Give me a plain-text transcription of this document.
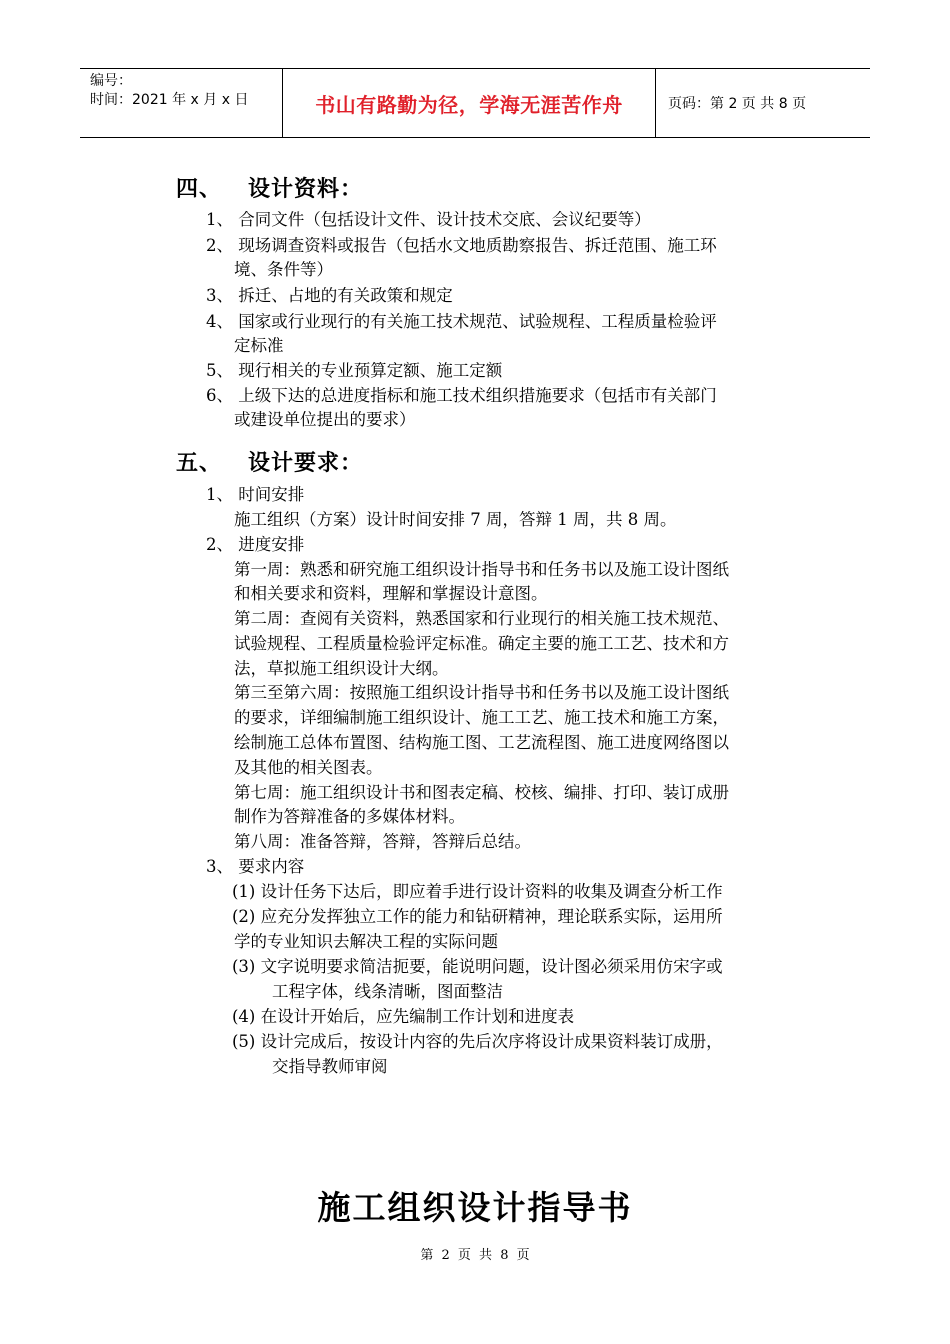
编号：
时间：2021 年 x 月 x 日	书山有路勤为径，学海无涯苦作舟	页码：第 2 页 共 8 页
四、 设计资料：
1、 合同文件（包括设计文件、设计技术交底、会议纪要等）
2、 现场调查资料或报告（包括水文地质勘察报告、拆迁范围、施工环
境、条件等）
3、 拆迁、占地的有关政策和规定
4、 国家或行业现行的有关施工技术规范、试验规程、工程质量检验评
定标准
5、 现行相关的专业预算定额、施工定额
6、 上级下达的总进度指标和施工技术组织措施要求（包括市有关部门
或建设单位提出的要求）
五、 设计要求：
1、 时间安排
施工组织（方案）设计时间安排 7 周，答辩 1 周，共 8 周。
2、 进度安排
第一周：熟悉和研究施工组织设计指导书和任务书以及施工设计图纸
和相关要求和资料，理解和掌握设计意图。
第二周：查阅有关资料，熟悉国家和行业现行的相关施工技术规范、
试验规程、工程质量检验评定标准。确定主要的施工工艺、技术和方
法，草拟施工组织设计大纲。
第三至第六周：按照施工组织设计指导书和任务书以及施工设计图纸
的要求，详细编制施工组织设计、施工工艺、施工技术和施工方案，
绘制施工总体布置图、结构施工图、工艺流程图、施工进度网络图以
及其他的相关图表。
第七周：施工组织设计书和图表定稿、校核、编排、打印、装订成册
制作为答辩准备的多媒体材料。
第八周：准备答辩，答辩，答辩后总结。
3、 要求内容
(1) 设计任务下达后，即应着手进行设计资料的收集及调查分析工作
(2) 应充分发挥独立工作的能力和钻研精神，理论联系实际，运用所
学的专业知识去解决工程的实际问题
(3) 文字说明要求简洁扼要，能说明问题，设计图必须采用仿宋字或
工程字体，线条清晰，图面整洁
(4) 在设计开始后，应先编制工作计划和进度表
(5) 设计完成后，按设计内容的先后次序将设计成果资料装订成册，
交指导教师审阅
施工组织设计指导书
第 2 页 共 8 页
